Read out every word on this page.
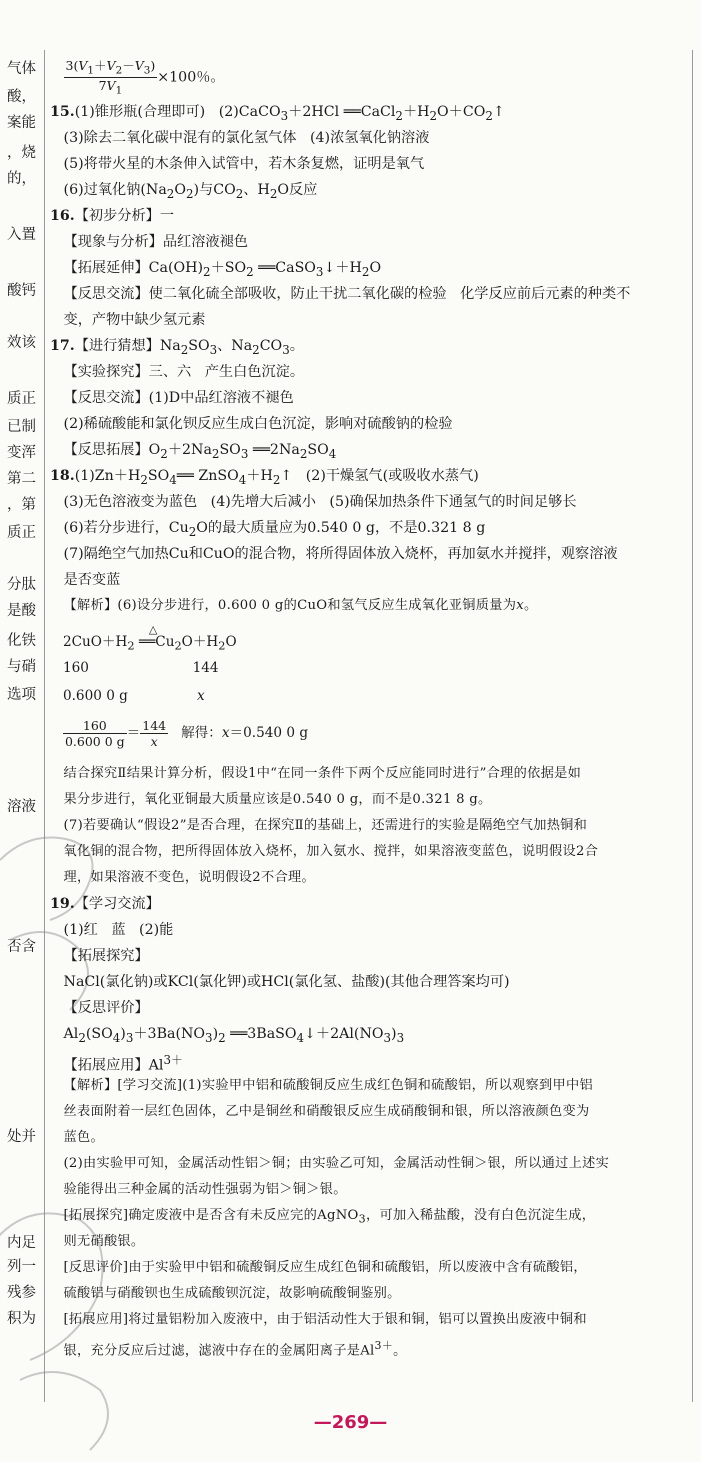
气体
酸，
案能
，烧
的，
入置
酸钙
效该
质正
已制
变浑
第二
，第
质正
分肽
是酸
化铁
与硝
选项
溶液
否含
处并
内足
列一
残参
积为

$\frac{3(V_1+V_2-V_3)}{7V_1} \times 100$％。
15.(1)锥形瓶(合理即可)   (2)CaCO$_3$＋2HCl $══CaCl_2+H_2O+CO_2↑$
(3)除去二氧化碳中混有的氯化氢气体   (4)浓氢氧化钠溶液
(5)将带火星的木条伸入试管中，若木条复燃，证明是氧气
(6)过氧化钠$(Na_2O_2)$与$CO_2$、$H_2O$反应
16.【初步分析】一
【现象与分析】品红溶液褪色
【拓展延伸】$Ca(OH)_2+SO_2$ $══CaSO_3↓+H_2O$
【反思交流】使二氧化硫全部吸收，防止干扰二氧化碳的检验   化学反应前后元素的种类不
变，产物中缺少氢元素
17.【进行猜想】$Na_2SO_3$、$Na_2CO_3$。
【实验探究】三、六   产生白色沉淀。
【反思交流】(1)D中品红溶液不褪色
(2)稀硫酸能和氯化钡反应生成白色沉淀，影响对硫酸钠的检验
【反思拓展】$O_2+2Na_2SO_3$ $══2Na_2SO_4$
$18.(1)Zn+H_2SO_4══$ $ZnSO_4+H_2↑$   (2)干燥氢气(或吸收水蒸气)
(3)无色溶液变为蓝色   (4)先增大后减小   (5)确保加热条件下通氢气的时间足够长
(6)若分步进行，$Cu_2O$的最大质量应为0.540 0 g，不是0.321 8 g
(7)隔绝空气加热Cu和CuO的混合物，将所得固体放入烧杯，再加氨水并搅拌，观察溶液
是否变蓝
【解析】(6)设分步进行，0.600 0 g的CuO和氢气反应生成氧化亚铜质量为x。
$2CuO+H_2$
△
$══Cu_2O+H_2O$
160                        144
0.600 0 g                x

$\frac{160}{0.600 0 g} = \frac{144}{x}$ 解得：x＝0.540 0 g
结合探究Ⅱ结果计算分析，假设1中“在同一条件下两个反应能同时进行”合理的依据是如
果分步进行，氧化亚铜最大质量应该是0.540 0 g，而不是0.321 8 g。
(7)若要确认“假设2”是否合理，在探究Ⅱ的基础上，还需进行的实验是隔绝空气加热铜和
氧化铜的混合物，把所得固体放入烧杯，加入氨水、搅拌，如果溶液变蓝色，说明假设2合
理，如果溶液不变色，说明假设2不合理。
19.【学习交流】
(1)红   蓝   (2)能
【拓展探究】
NaCl(氯化钠)或KCl(氯化钾)或HCl(氯化氢、盐酸)(其他合理答案均可)
【反思评价】
$Al_2(SO_4)_3+3Ba(NO_3)_2$ $══3BaSO_4↓+2Al(NO_3)_3$
【拓展应用】$Al^{3+}$
【解析】[学习交流](1)实验甲中铝和硫酸铜反应生成红色铜和硫酸铝，所以观察到甲中铝
丝表面附着一层红色固体，乙中是铜丝和硝酸银反应生成硝酸铜和银，所以溶液颜色变为
蓝色。
(2)由实验甲可知，金属活动性铝＞铜；由实验乙可知，金属活动性铜＞银，所以通过上述实
验能得出三种金属的活动性强弱为铝＞铜＞银。
[拓展探究]确定废液中是否含有未反应完的AgNO$_3$，可加入稀盐酸，没有白色沉淀生成，
则无硝酸银。
[反思评价]由于实验甲中铝和硫酸铜反应生成红色铜和硫酸铝，所以废液中含有硫酸铝，
硫酸铝与硝酸钡也生成硫酸钡沉淀，故影响硫酸铜鉴别。
[拓展应用]将过量铝粉加入废液中，由于铝活动性大于银和铜，铝可以置换出废液中铜和
银，充分反应后过滤，滤液中存在的金属阳离子是$Al^{3+}$。
—269—
